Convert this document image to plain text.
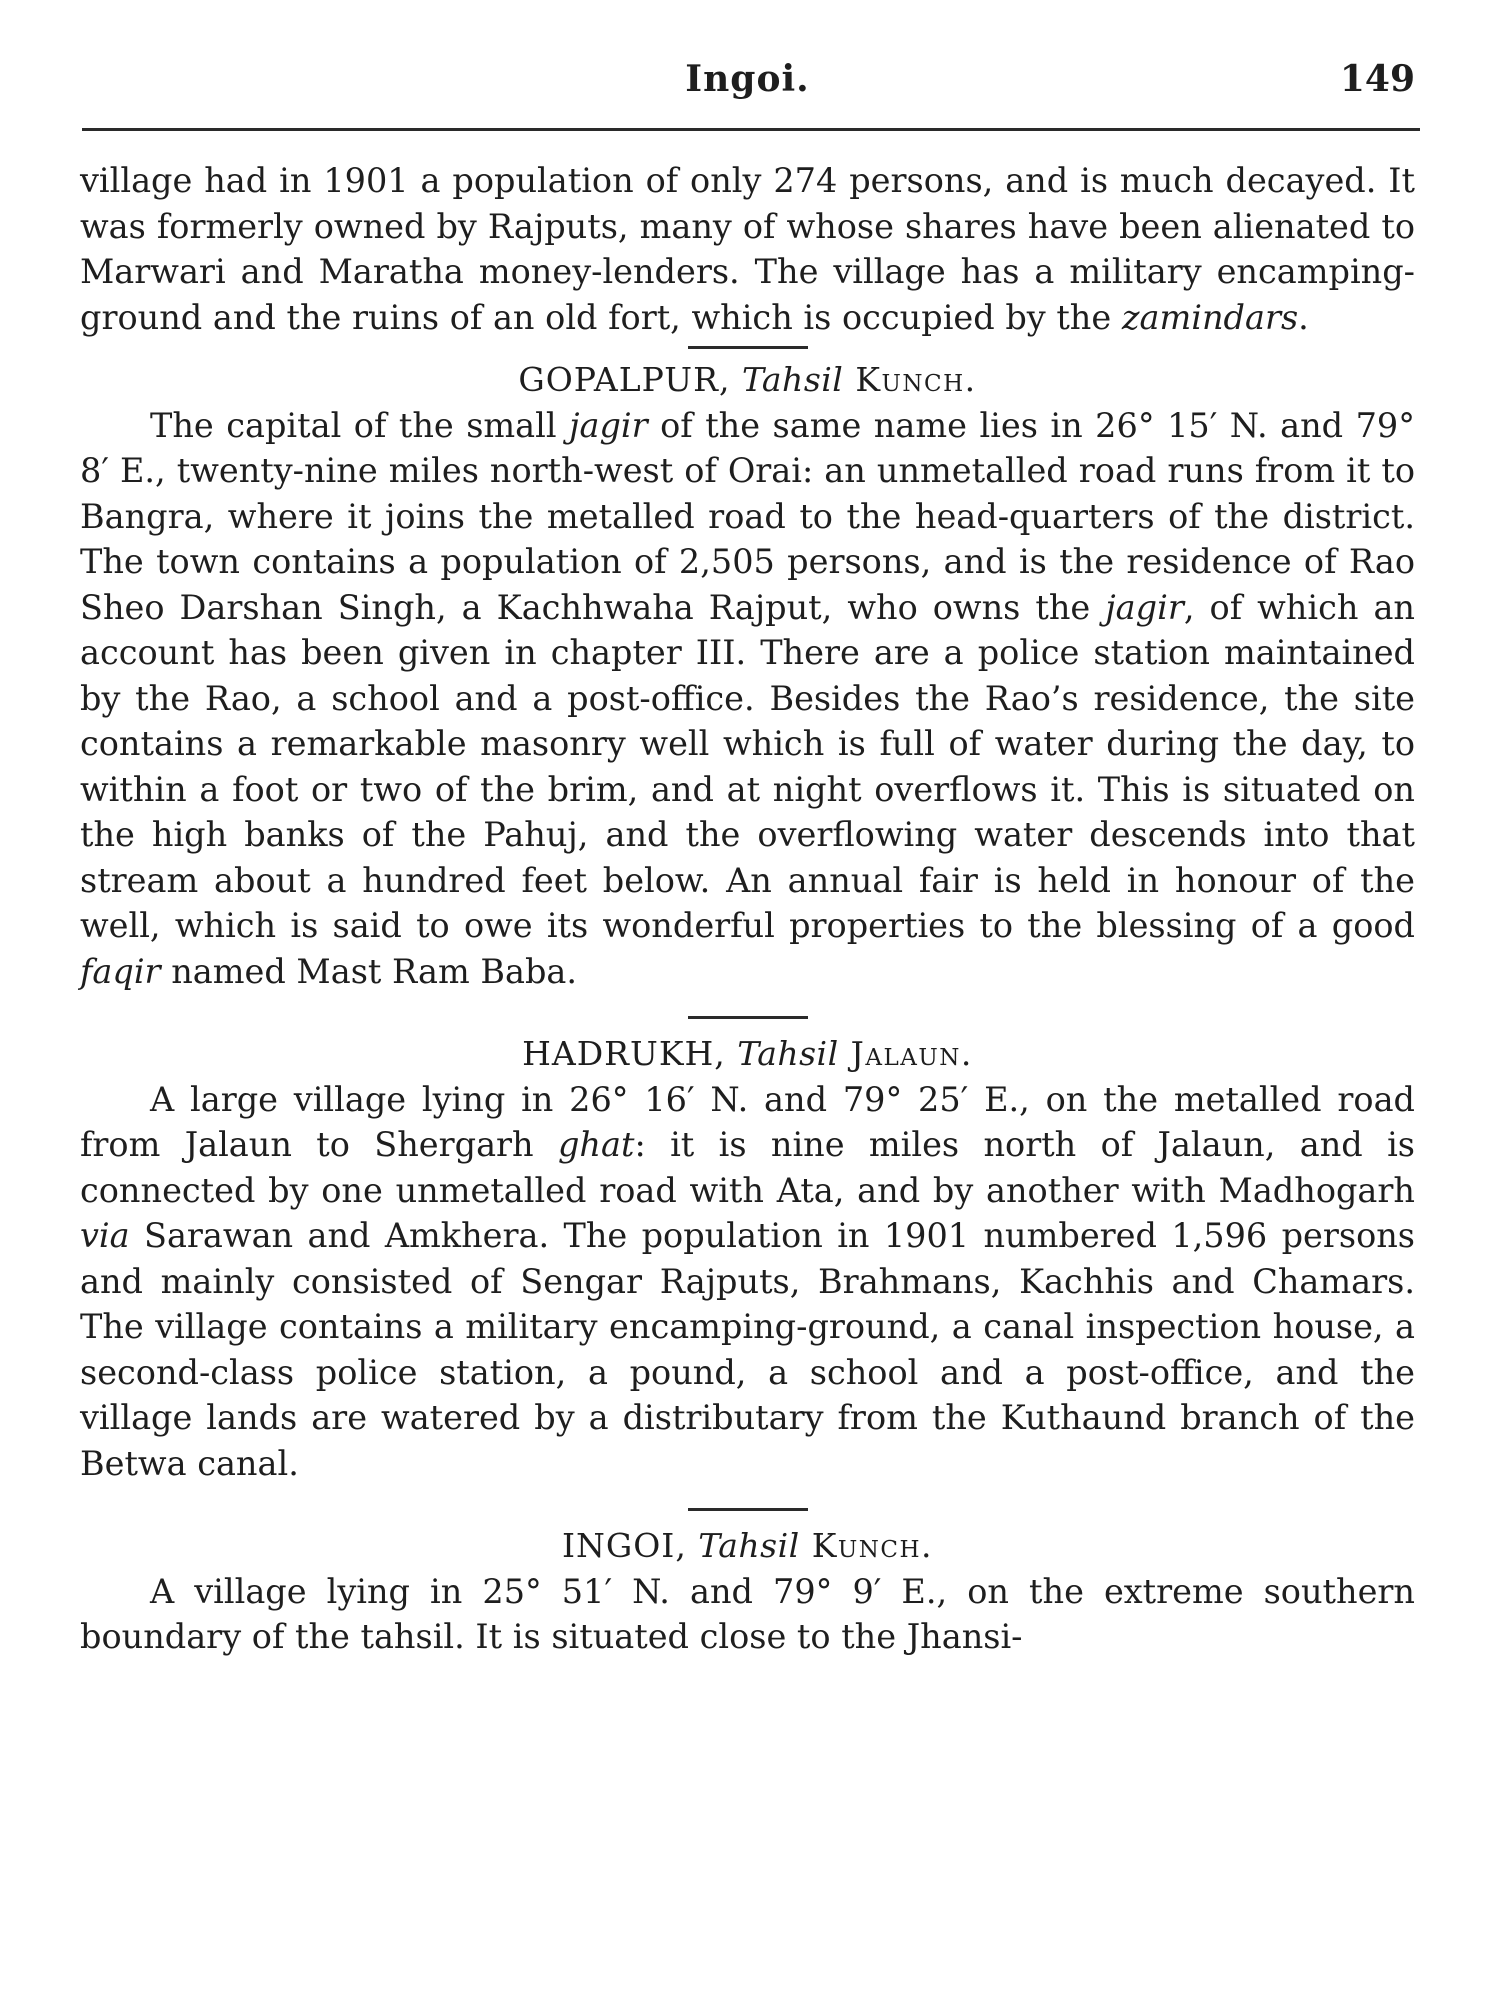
Ingoi.	149

village had in 1901 a population of only 274 persons, and is much decayed. It was formerly owned by Rajputs, many of whose shares have been alienated to Marwari and Maratha money-lenders. The village has a military encamping-ground and the ruins of an old fort, which is occupied by the zamindars.

GOPALPUR, Tahsil Kunch.

The capital of the small jagir of the same name lies in 26° 15′ N. and 79° 8′ E., twenty-nine miles north-west of Orai: an unmetalled road runs from it to Bangra, where it joins the metalled road to the head-quarters of the district. The town contains a population of 2,505 persons, and is the residence of Rao Sheo Darshan Singh, a Kachhwaha Rajput, who owns the jagir, of which an account has been given in chapter III. There are a police station maintained by the Rao, a school and a post-office. Besides the Rao’s residence, the site contains a remarkable masonry well which is full of water during the day, to within a foot or two of the brim, and at night overflows it. This is situated on the high banks of the Pahuj, and the overflowing water descends into that stream about a hundred feet below. An annual fair is held in honour of the well, which is said to owe its wonderful properties to the blessing of a good faqir named Mast Ram Baba.

HADRUKH, Tahsil Jalaun.

A large village lying in 26° 16′ N. and 79° 25′ E., on the metalled road from Jalaun to Shergarh ghat: it is nine miles north of Jalaun, and is connected by one unmetalled road with Ata, and by another with Madhogarh via Sarawan and Amkhera. The population in 1901 numbered 1,596 persons and mainly consisted of Sengar Rajputs, Brahmans, Kachhis and Chamars. The village contains a military encamping-ground, a canal inspection house, a second-class police station, a pound, a school and a post-office, and the village lands are watered by a distributary from the Kuthaund branch of the Betwa canal.

INGOI, Tahsil Kunch.

A village lying in 25° 51′ N. and 79° 9′ E., on the extreme southern boundary of the tahsil. It is situated close to the Jhansi-
